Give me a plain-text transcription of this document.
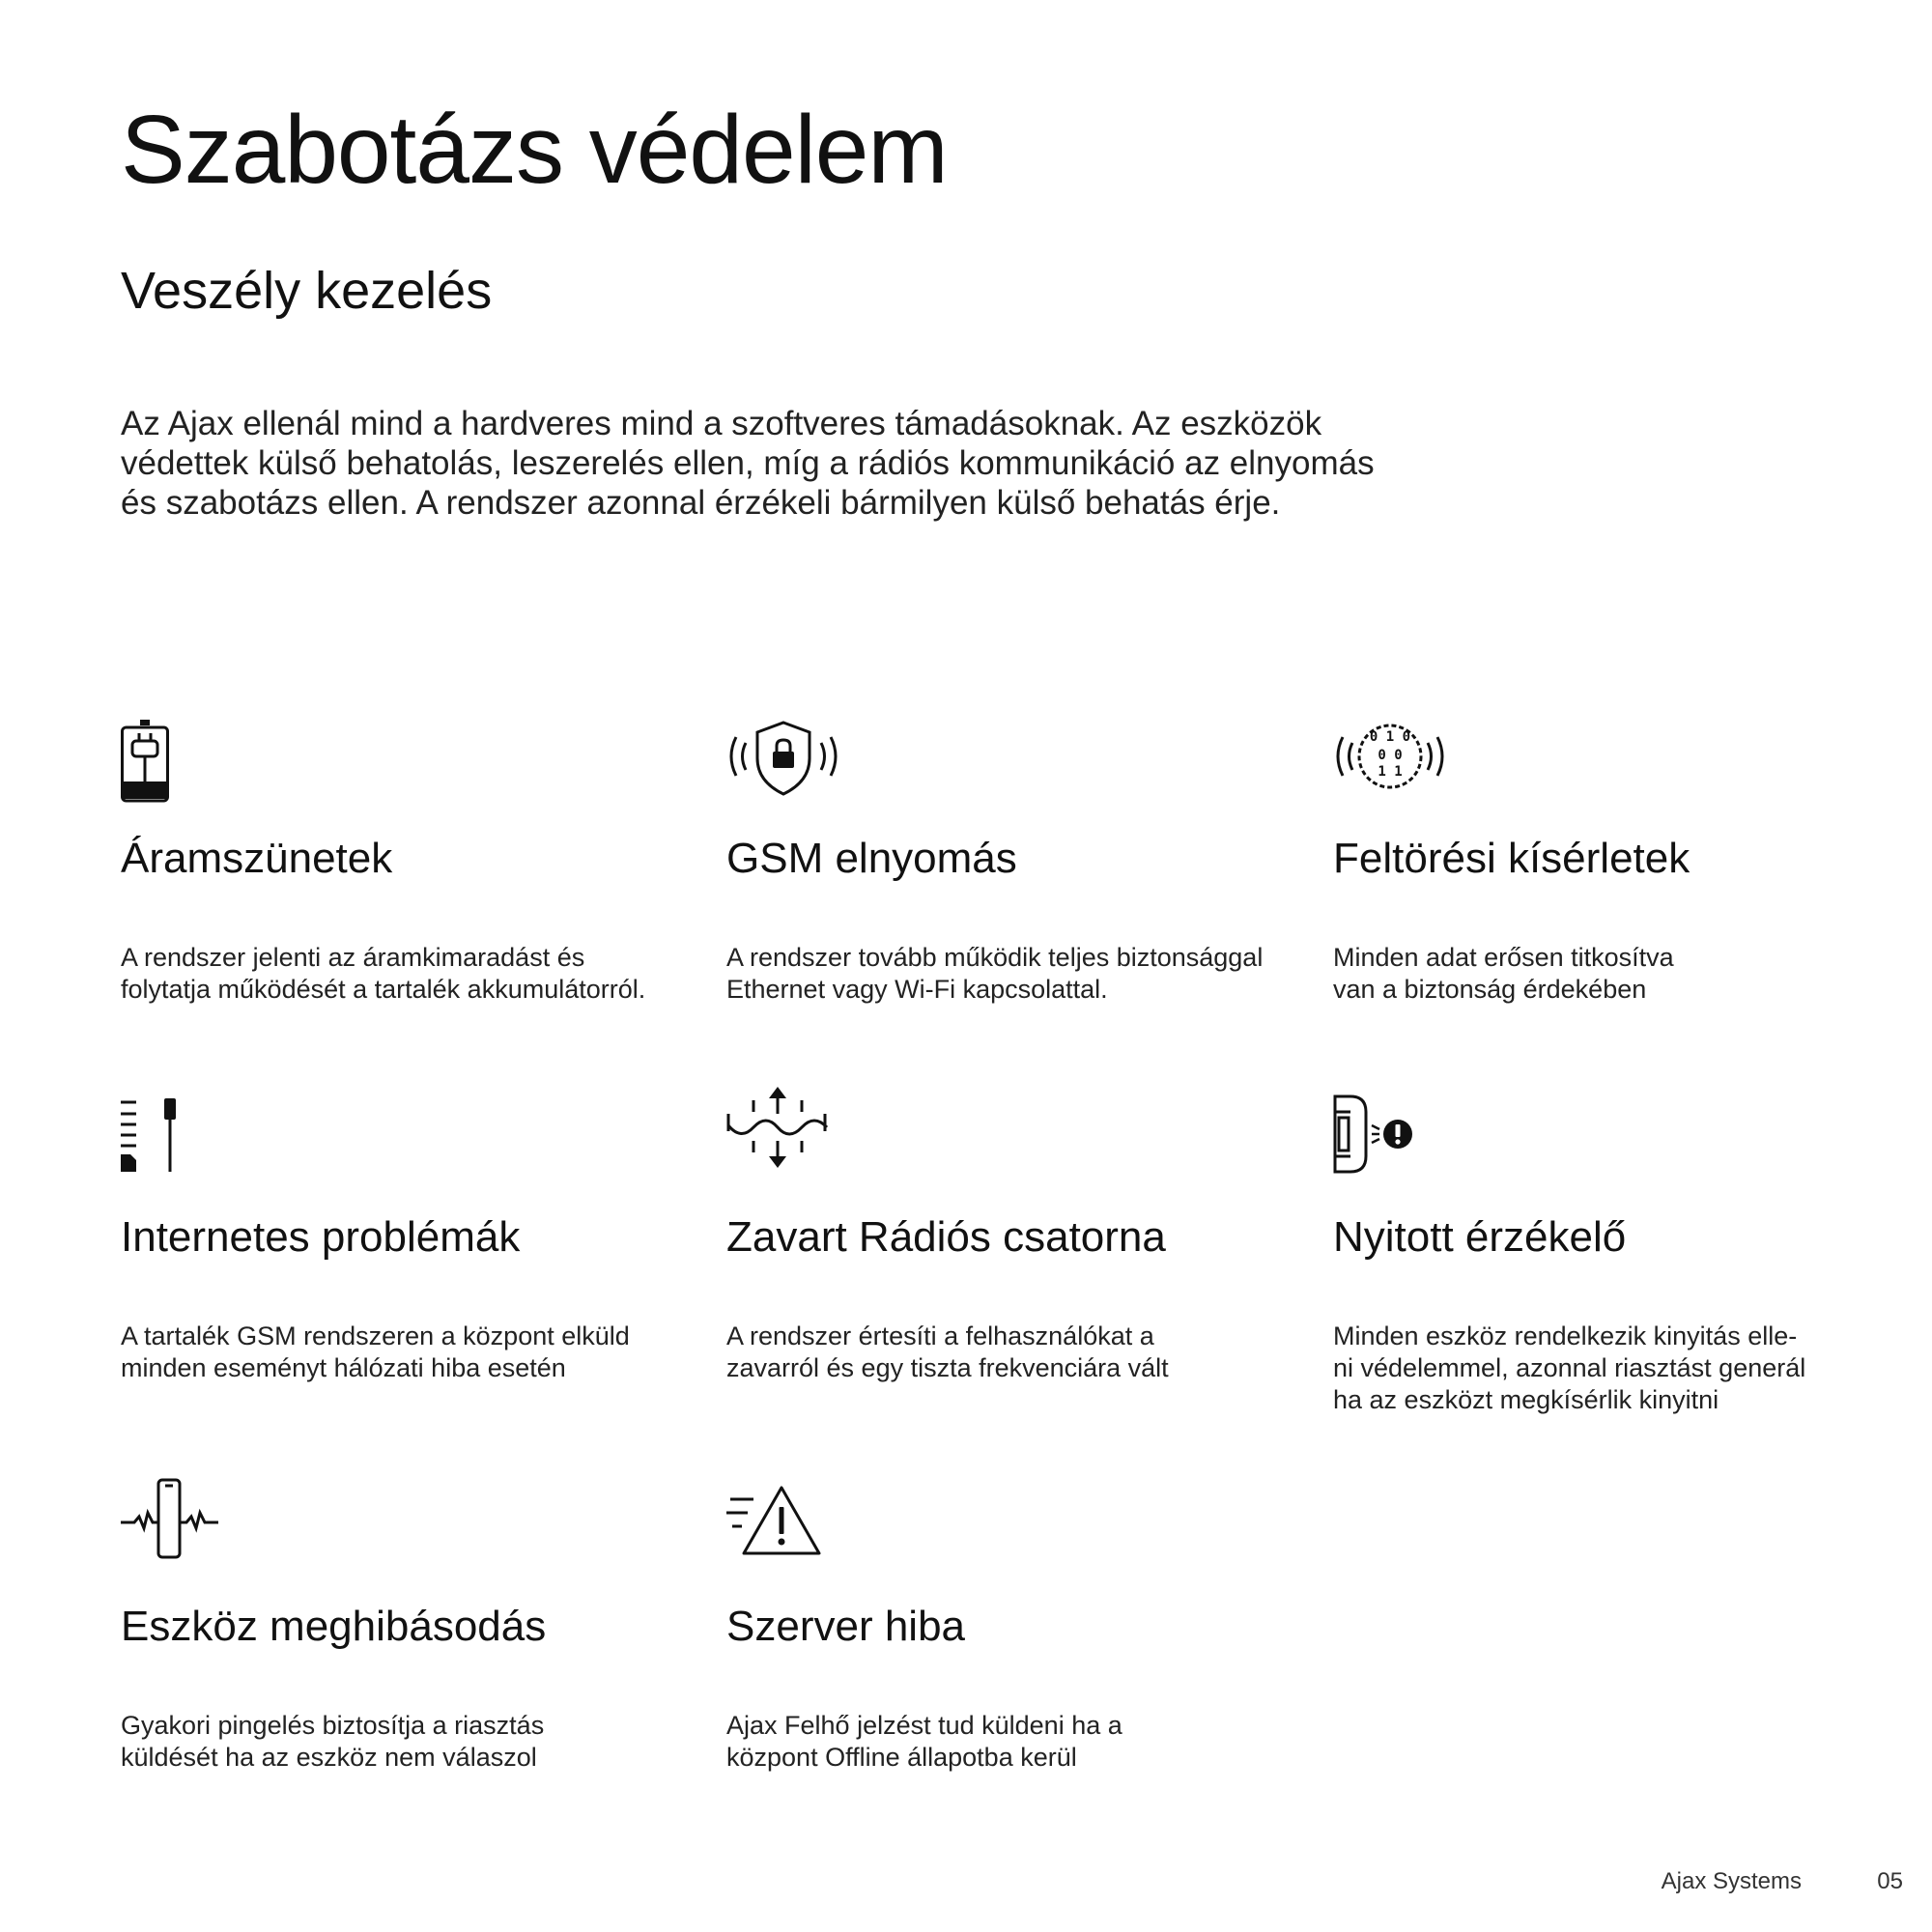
Szabotázs védelem
Veszély kezelés

Az Ajax ellenál mind a hardveres mind a szoftveres támadásoknak. Az eszközök
védettek külső behatolás, leszerelés ellen, míg a rádiós kommunikáció az elnyomás
és szabotázs ellen. A rendszer azonnal érzékeli bármilyen külső behatás érje.

Áramszünetek

A rendszer jelenti az áramkimaradást és
folytatja működését a tartalék akkumulátorról.

GSM elnyomás

A rendszer tovább működik teljes biztonsággal
Ethernet vagy Wi-Fi kapcsolattal.

0 1 0
0 0
1 1
Feltörési kísérletek

Minden adat erősen titkosítva
van a biztonság érdekében

Internetes problémák

A tartalék GSM rendszeren a központ elküld
minden eseményt hálózati hiba esetén

Zavart Rádiós csatorna

A rendszer értesíti a felhasználókat a
zavarról és egy tiszta frekvenciára vált

Nyitott érzékelő

Minden eszköz rendelkezik kinyitás elle-
ni védelemmel, azonnal riasztást generál
ha az eszközt megkísérlik kinyitni

Eszköz meghibásodás

Gyakori pingelés biztosítja a riasztás
küldését ha az eszköz nem válaszol

Szerver hiba

Ajax Felhő jelzést tud küldeni ha a
központ Offline állapotba kerül

Ajax Systems	05
